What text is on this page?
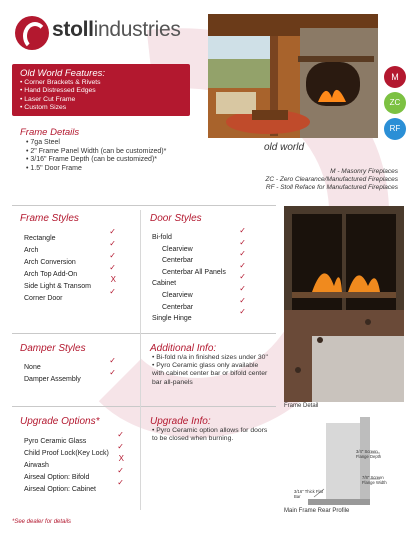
stollindustries
Old World Features:
• Corner Brackets & Rivets
• Hand Distressed Edges
• Laser Cut Frame
• Custom Sizes
Frame Details
• 7ga Steel
• 2" Frame Panel Width (can be customized)*
• 3/16" Frame Depth (can be customized)*
• 1.5" Door Frame
M
ZC
RF
old world
M - Masonry Fireplaces
ZC - Zero Clearance/Manufactured Fireplaces
RF - Stoll Reface for Manufactured Fireplaces
Frame Styles
Rectangle
✓
Arch
✓
Arch Conversion
✓
Arch Top Add-On
✓
Side Light & Transom
X
Corner Door
✓
Door Styles
Bi-fold
✓
Clearview
✓
Centerbar
✓
Centerbar All Panels
✓
Cabinet
✓
Clearview
✓
Centerbar
✓
Single Hinge
✓
Damper Styles
None
✓
Damper Assembly
✓
Additional Info:
• Bi-fold n/a in finished sizes under 30"
• Pyro Ceramic glass only available with cabinet center bar or bifold center bar all-panels
Upgrade Options*
Pyro Ceramic Glass
✓
Child Proof Lock(Key Lock)
✓
Airwash
X
Airseal Option: Bifold
✓
Airseal Option: Cabinet
✓
Upgrade Info:
• Pyro Ceramic option allows for doors to be closed when burning.
Frame Detail
3/4" Screen Flange Depth
7/8" Screen Flange Width
3/16" Thick Flat Bar
Main Frame Rear Profile
*See dealer for details
